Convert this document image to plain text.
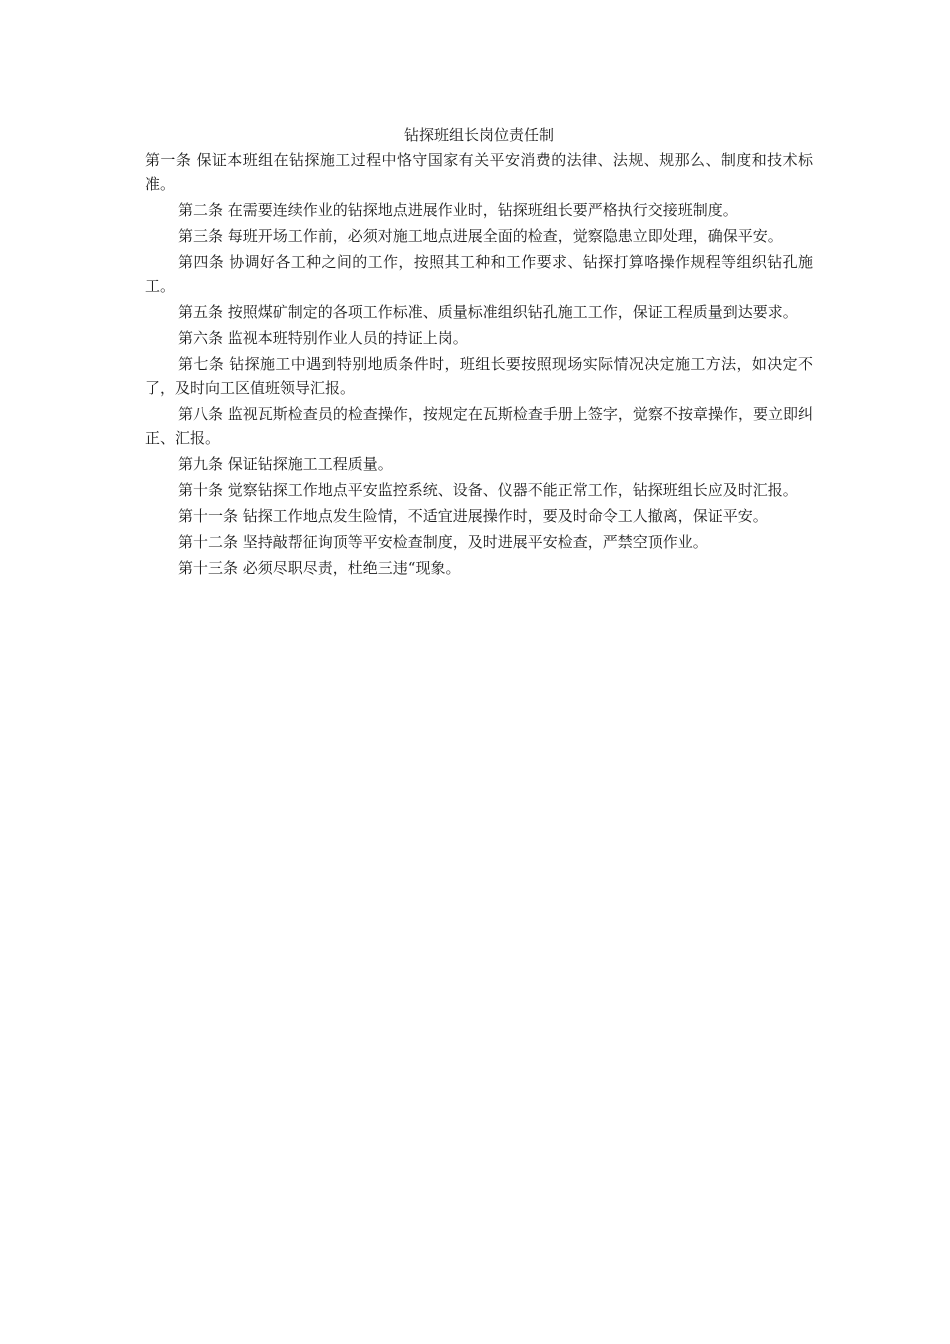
钻探班组长岗位责任制

第一条 保证本班组在钻探施工过程中恪守国家有关平安消费的法律、法规、规那么、制度和技术标准。

第二条 在需要连续作业的钻探地点进展作业时，钻探班组长要严格执行交接班制度。

第三条 每班开场工作前，必须对施工地点进展全面的检查，觉察隐患立即处理，确保平安。

第四条 协调好各工种之间的工作，按照其工种和工作要求、钻探打算咯操作规程等组织钻孔施工。

第五条 按照煤矿制定的各项工作标准、质量标准组织钻孔施工工作，保证工程质量到达要求。

第六条 监视本班特别作业人员的持证上岗。

第七条 钻探施工中遇到特别地质条件时，班组长要按照现场实际情况决定施工方法，如决定不了，及时向工区值班领导汇报。

第八条 监视瓦斯检查员的检查操作，按规定在瓦斯检查手册上签字，觉察不按章操作，要立即纠正、汇报。

第九条 保证钻探施工工程质量。

第十条 觉察钻探工作地点平安监控系统、设备、仪器不能正常工作，钻探班组长应及时汇报。

第十一条 钻探工作地点发生险情，不适宜进展操作时，要及时命令工人撤离，保证平安。

第十二条 坚持敲帮征询顶等平安检查制度，及时进展平安检查，严禁空顶作业。

第十三条 必须尽职尽责，杜绝三违“现象。
